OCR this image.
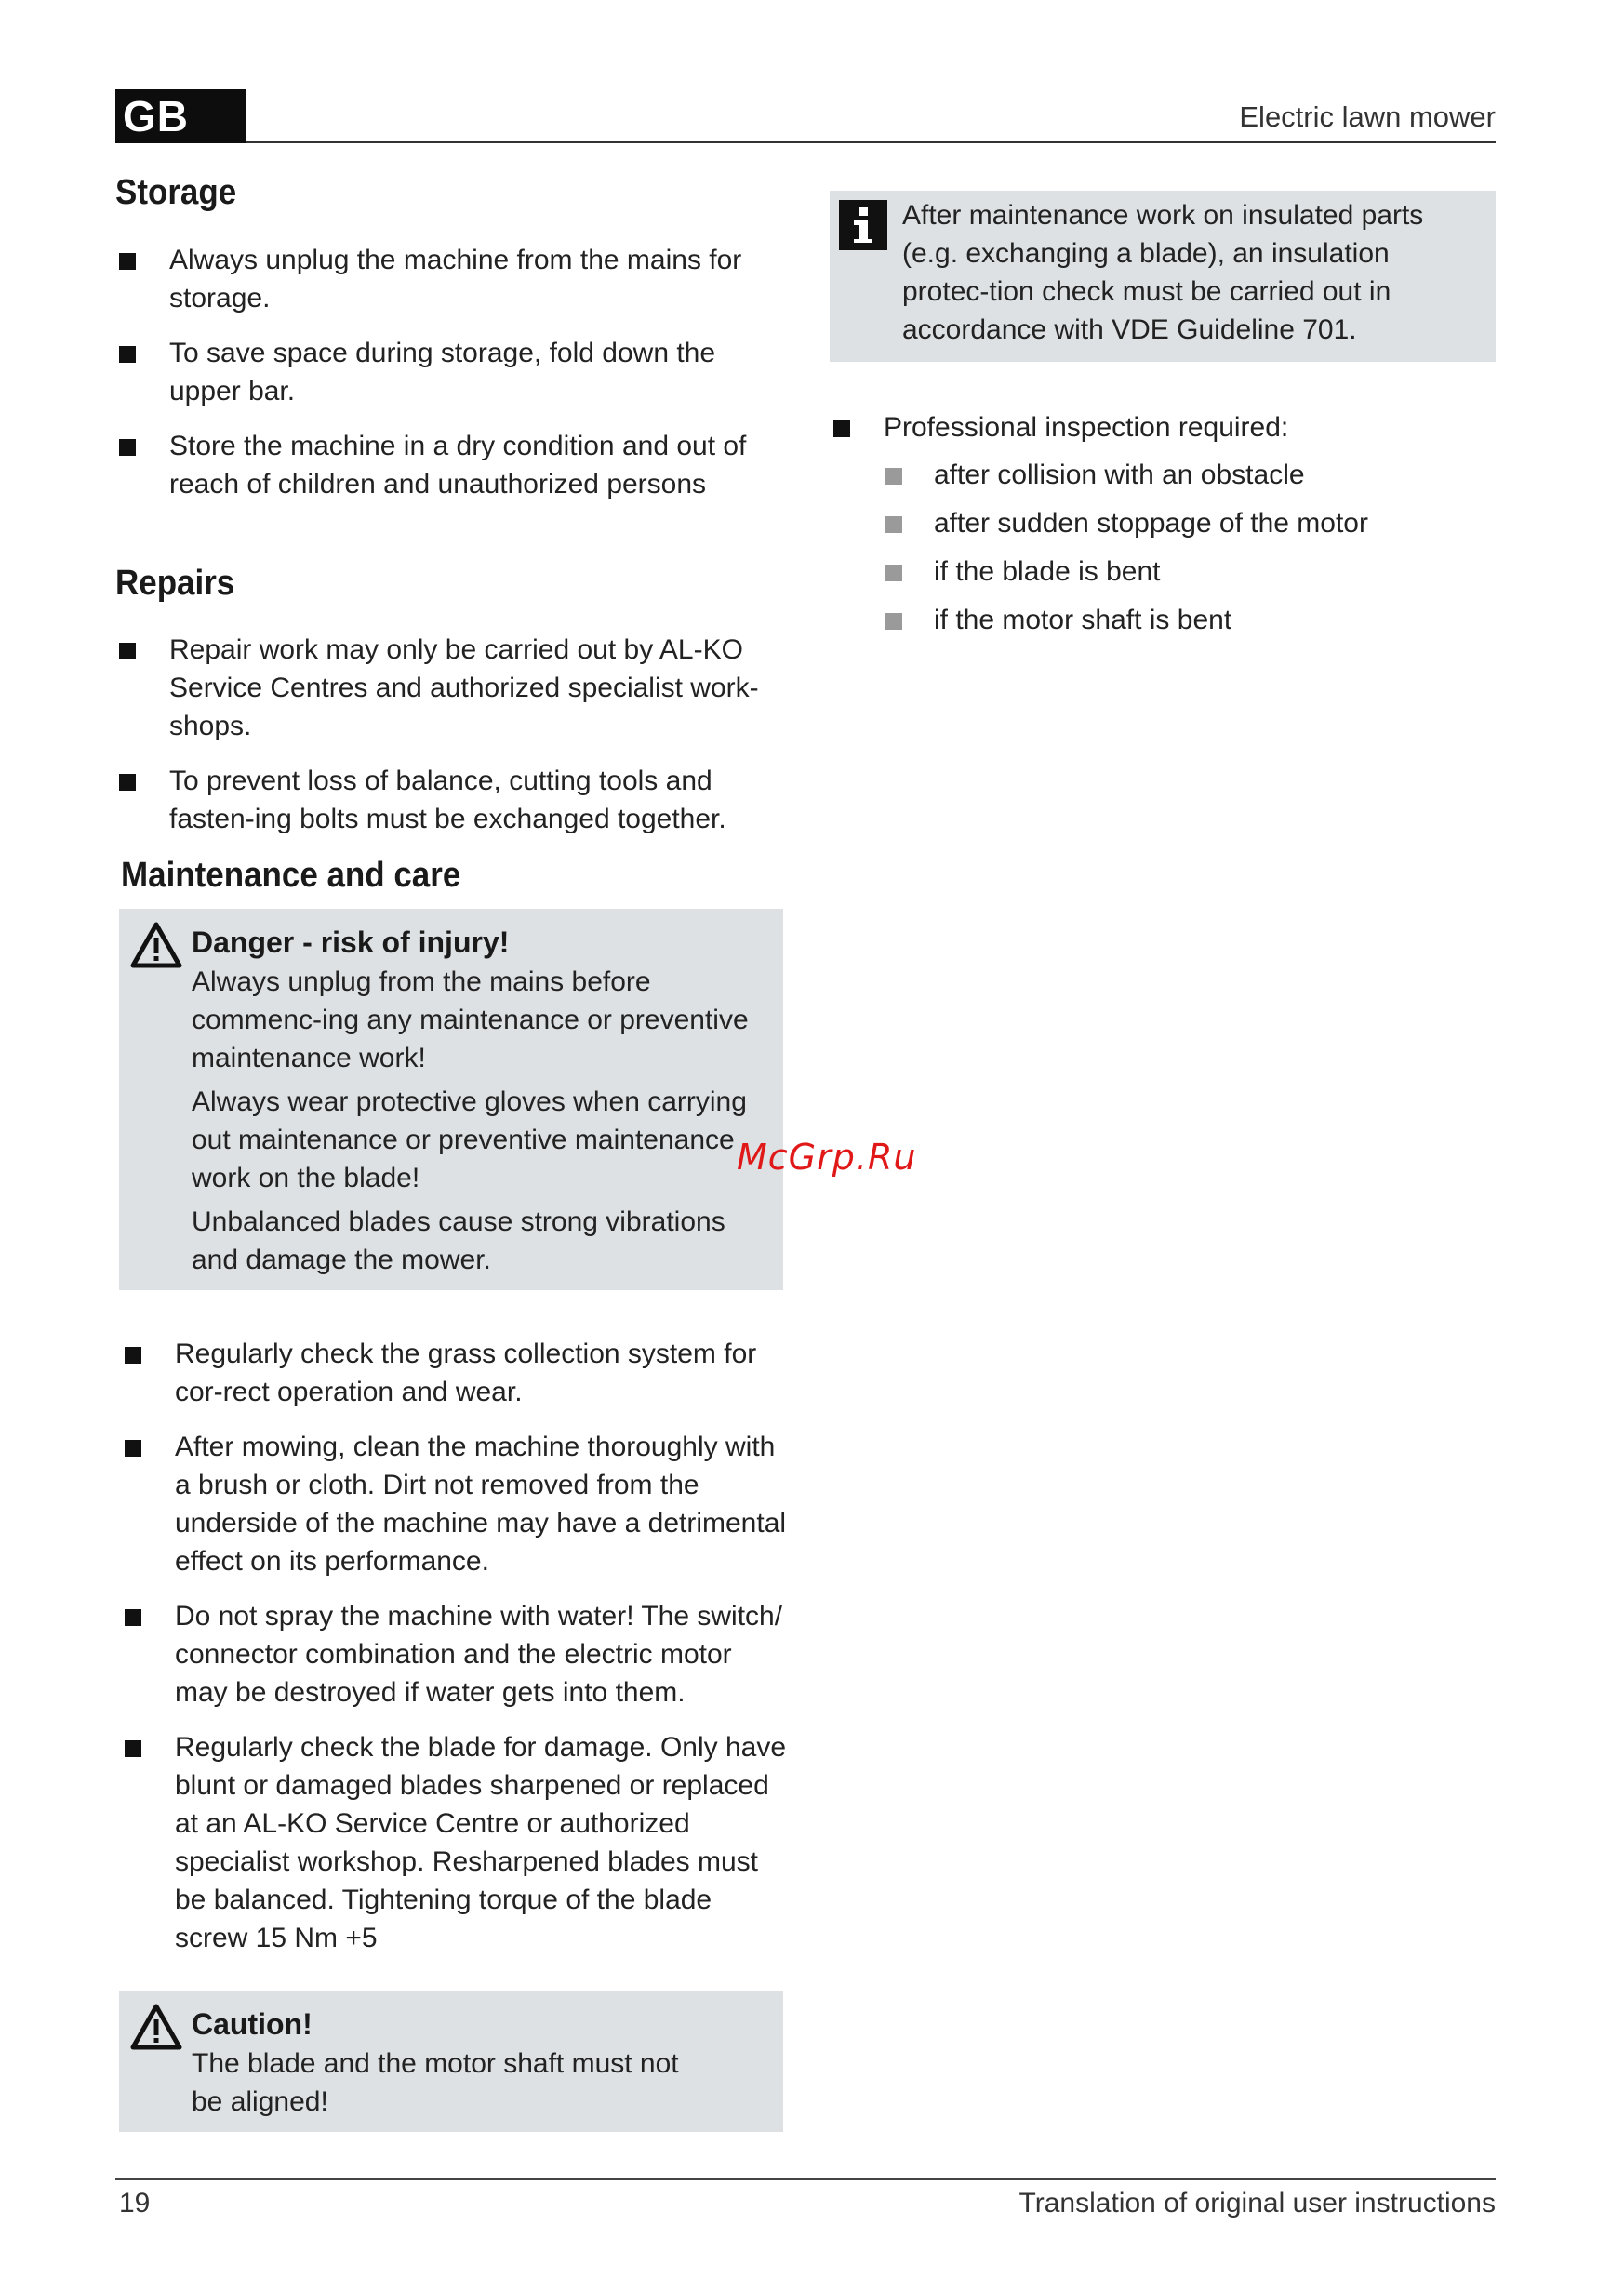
GB	Electric lawn mower
Storage
Always unplug the machine from the mains for storage.
To save space during storage, fold down the upper bar.
Store the machine in a dry condition and out of reach of children and unauthorized persons
Repairs
Repair work may only be carried out by AL-KO Service Centres and authorized specialist work-shops.
To prevent loss of balance, cutting tools and fasten-ing bolts must be exchanged together.
Maintenance and care
Danger - risk of injury!

Always unplug from the mains before commenc-ing any maintenance or preventive maintenance work!

Always wear protective gloves when carrying out maintenance or preventive maintenance work on the blade!

Unbalanced blades cause strong vibrations and damage the mower.

Regularly check the grass collection system for cor-rect operation and wear.
After mowing, clean the machine thoroughly with a brush or cloth. Dirt not removed from the underside of the machine may have a detrimental effect on its performance.
Do not spray the machine with water! The switch/ connector combination and the electric motor may be destroyed if water gets into them.
Regularly check the blade for damage. Only have blunt or damaged blades sharpened or replaced at an AL-KO Service Centre or authorized specialist workshop. Resharpened blades must be balanced. Tightening torque of the blade screw 15 Nm +5
Caution!

The blade and the motor shaft must not be aligned!

After maintenance work on insulated parts (e.g. exchanging a blade), an insulation protec-tion check must be carried out in accordance with VDE Guideline 701.

Professional inspection required:
after collision with an obstacle
after sudden stoppage of the motor
if the blade is bent
if the motor shaft is bent
McGrp.Ru
19	Translation of original user instructions
